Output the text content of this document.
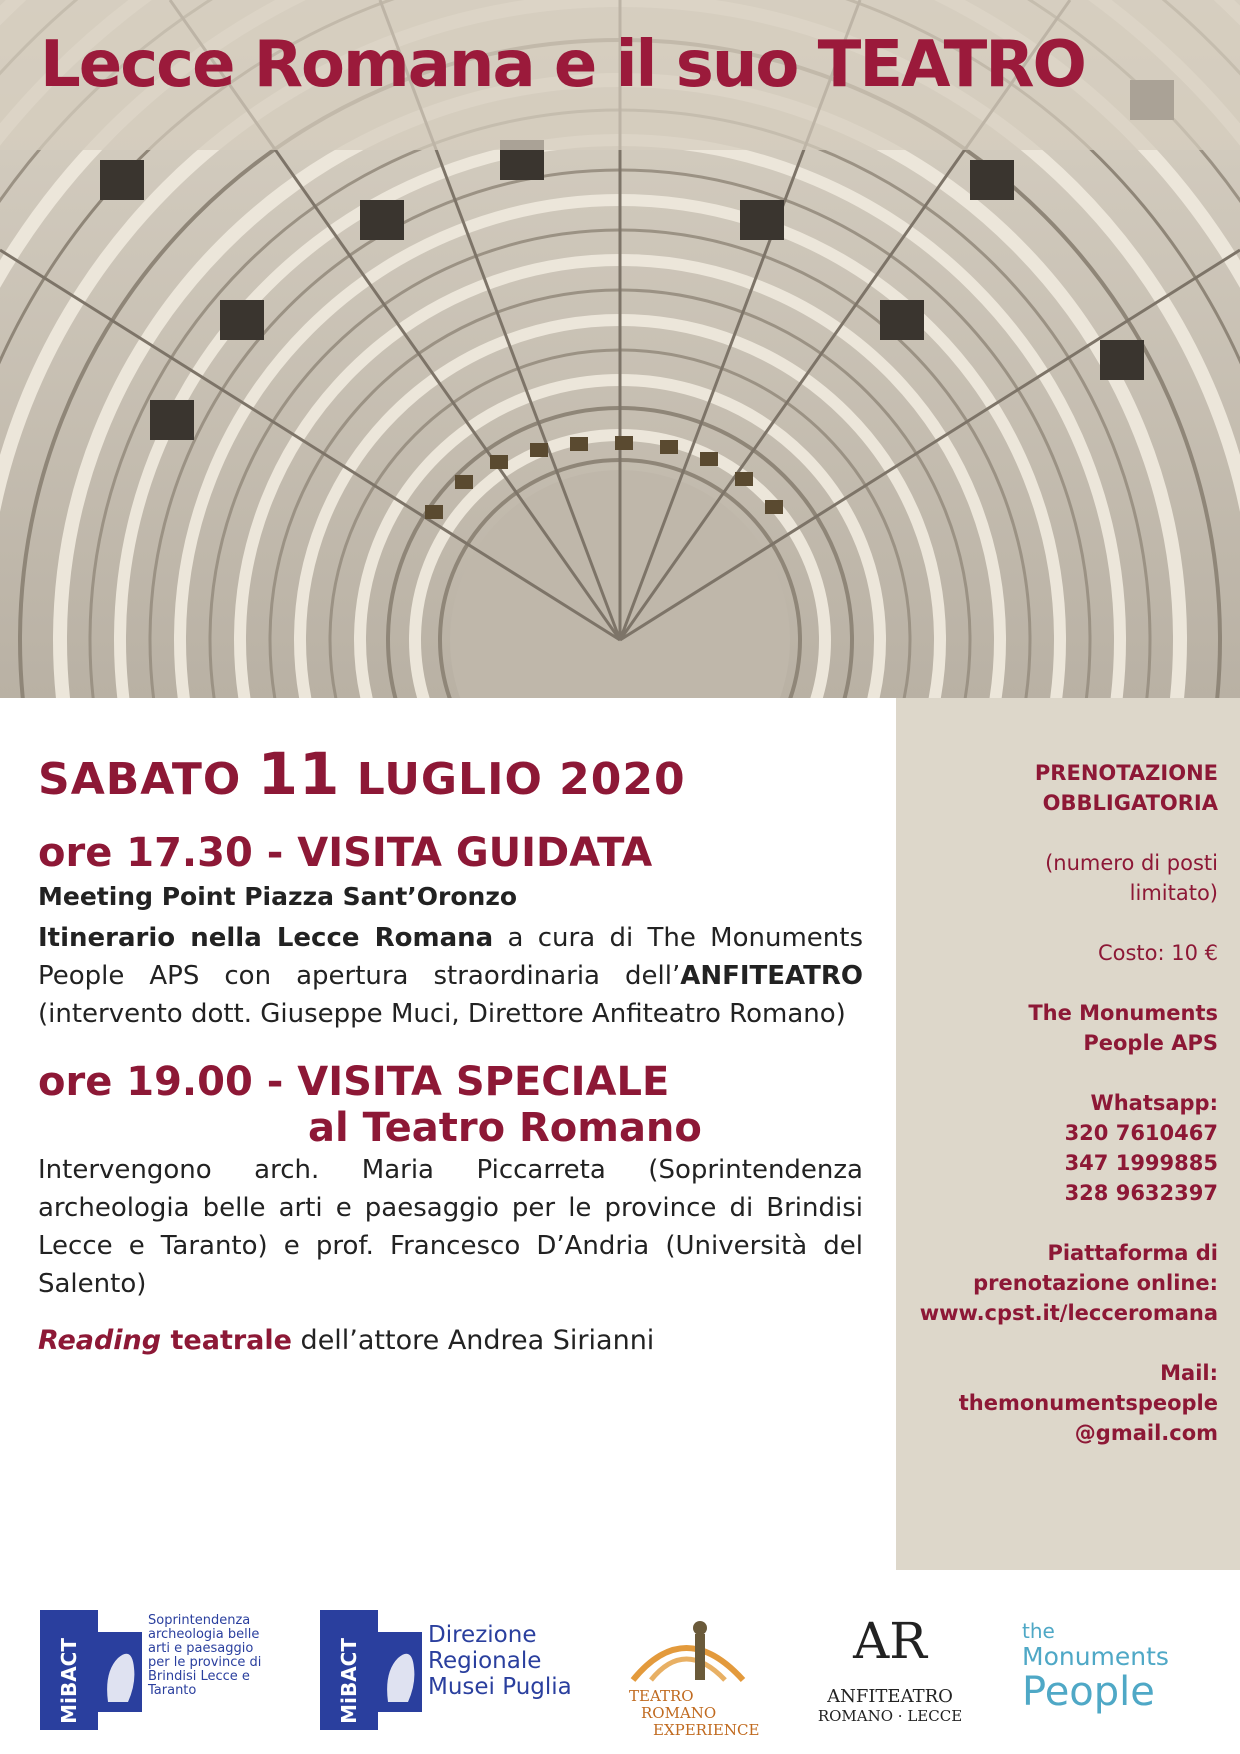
Lecce Romana e il suo TEATRO

SABATO 11 LUGLIO 2020

ore 17.30 - VISITA GUIDATA

Meeting Point Piazza Sant’Oronzo

Itinerario nella Lecce Romana a cura di The Monuments People APS con apertura straordinaria dell’ANFITEATRO (intervento dott. Giuseppe Muci, Direttore Anfiteatro Romano)

ore 19.00 - VISITA SPECIALE

al Teatro Romano

Intervengono arch. Maria Piccarreta (Soprintendenza archeologia belle arti e paesaggio per le province di Brindisi Lecce e Taranto) e prof. Francesco D’Andria (Università del Salento)

Reading teatrale dell’attore Andrea Sirianni

PRENOTAZIONE

OBBLIGATORIA

(numero di posti

limitato)

Costo: 10 €

The Monuments

People APS

Whatsapp:

320 7610467

347 1999885

328 9632397

Piattaforma di

prenotazione online:

www.cpst.it/lecceromana

Mail:

themonumentspeople

@gmail.com

MiBACT
Soprintendenza archeologia belle arti e paesaggio per le province di Brindisi Lecce e Taranto	MiBACT
Direzione
Regionale
Musei Puglia	TEATRO
ROMANO
EXPERIENCE
AR
ANFITEATRO
ROMANO · LECCE
the
Monuments
People
